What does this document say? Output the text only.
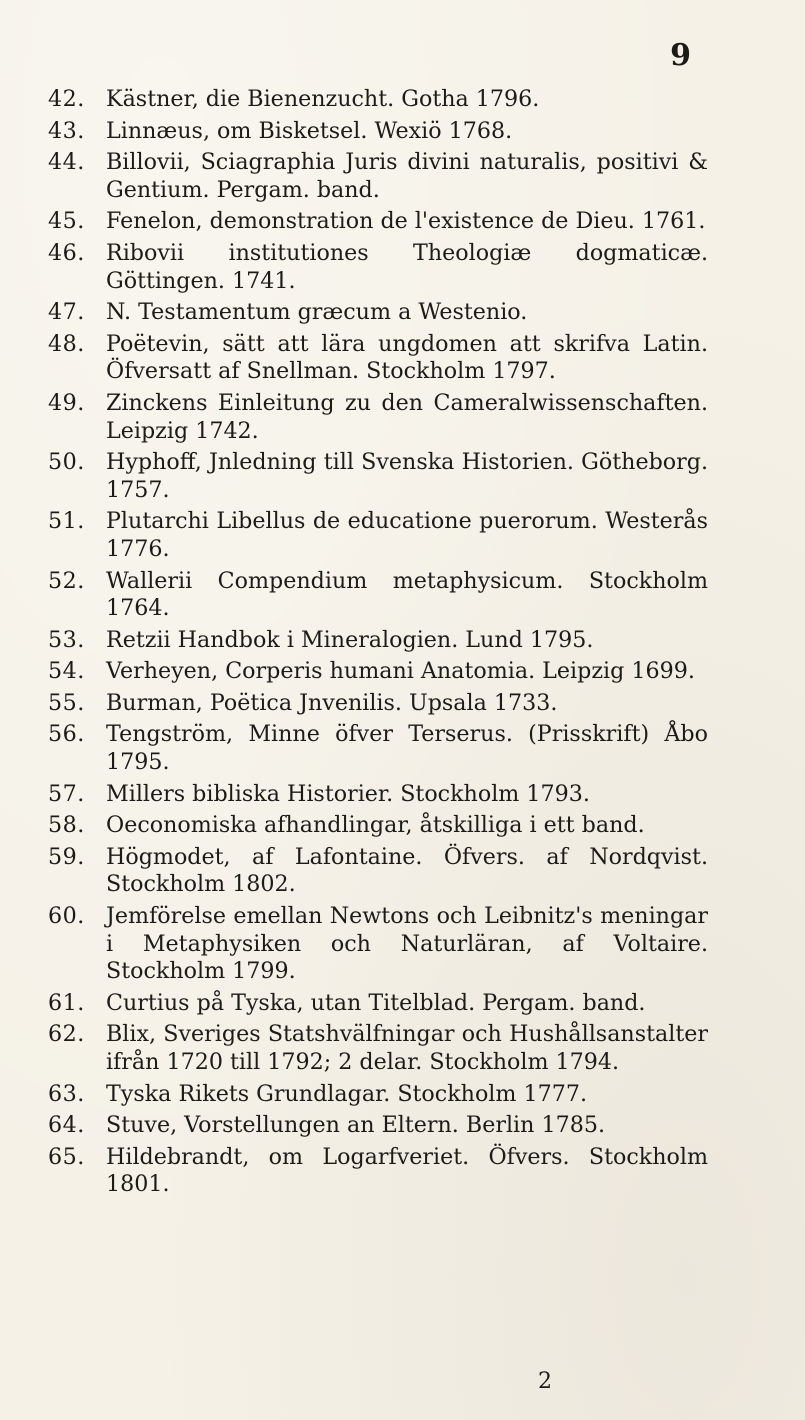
9
42. Kästner, die Bienenzucht. Gotha 1796.
43. Linnæus, om Bisketsel. Wexiö 1768.
44. Billovii, Sciagraphia Juris divini naturalis, positivi & Gentium. Pergam. band.
45. Fenelon, demonstration de l'existence de Dieu. 1761.
46. Ribovii institutiones Theologiæ dogmaticæ. Göttingen. 1741.
47. N. Testamentum græcum a Westenio.
48. Poëtevin, sätt att lära ungdomen att skrifva Latin. Öfversatt af Snellman. Stockholm 1797.
49. Zinckens Einleitung zu den Cameralwissenschaften. Leipzig 1742.
50. Hyphoff, Jnledning till Svenska Historien. Götheborg. 1757.
51. Plutarchi Libellus de educatione puerorum. Westerås 1776.
52. Wallerii Compendium metaphysicum. Stockholm 1764.
53. Retzii Handbok i Mineralogien. Lund 1795.
54. Verheyen, Corperis humani Anatomia. Leipzig 1699.
55. Burman, Poëtica Jnvenilis. Upsala 1733.
56. Tengström, Minne öfver Terserus. (Prisskrift) Åbo 1795.
57. Millers bibliska Historier. Stockholm 1793.
58. Oeconomiska afhandlingar, åtskilliga i ett band.
59. Högmodet, af Lafontaine. Öfvers. af Nordqvist. Stockholm 1802.
60. Jemförelse emellan Newtons och Leibnitz's meningar i Metaphysiken och Naturläran, af Voltaire. Stockholm 1799.
61. Curtius på Tyska, utan Titelblad. Pergam. band.
62. Blix, Sveriges Statshvälfningar och Hushållsanstalter ifrån 1720 till 1792; 2 delar. Stockholm 1794.
63. Tyska Rikets Grundlagar. Stockholm 1777.
64. Stuve, Vorstellungen an Eltern. Berlin 1785.
65. Hildebrandt, om Logarfveriet. Öfvers. Stockholm 1801.
2
